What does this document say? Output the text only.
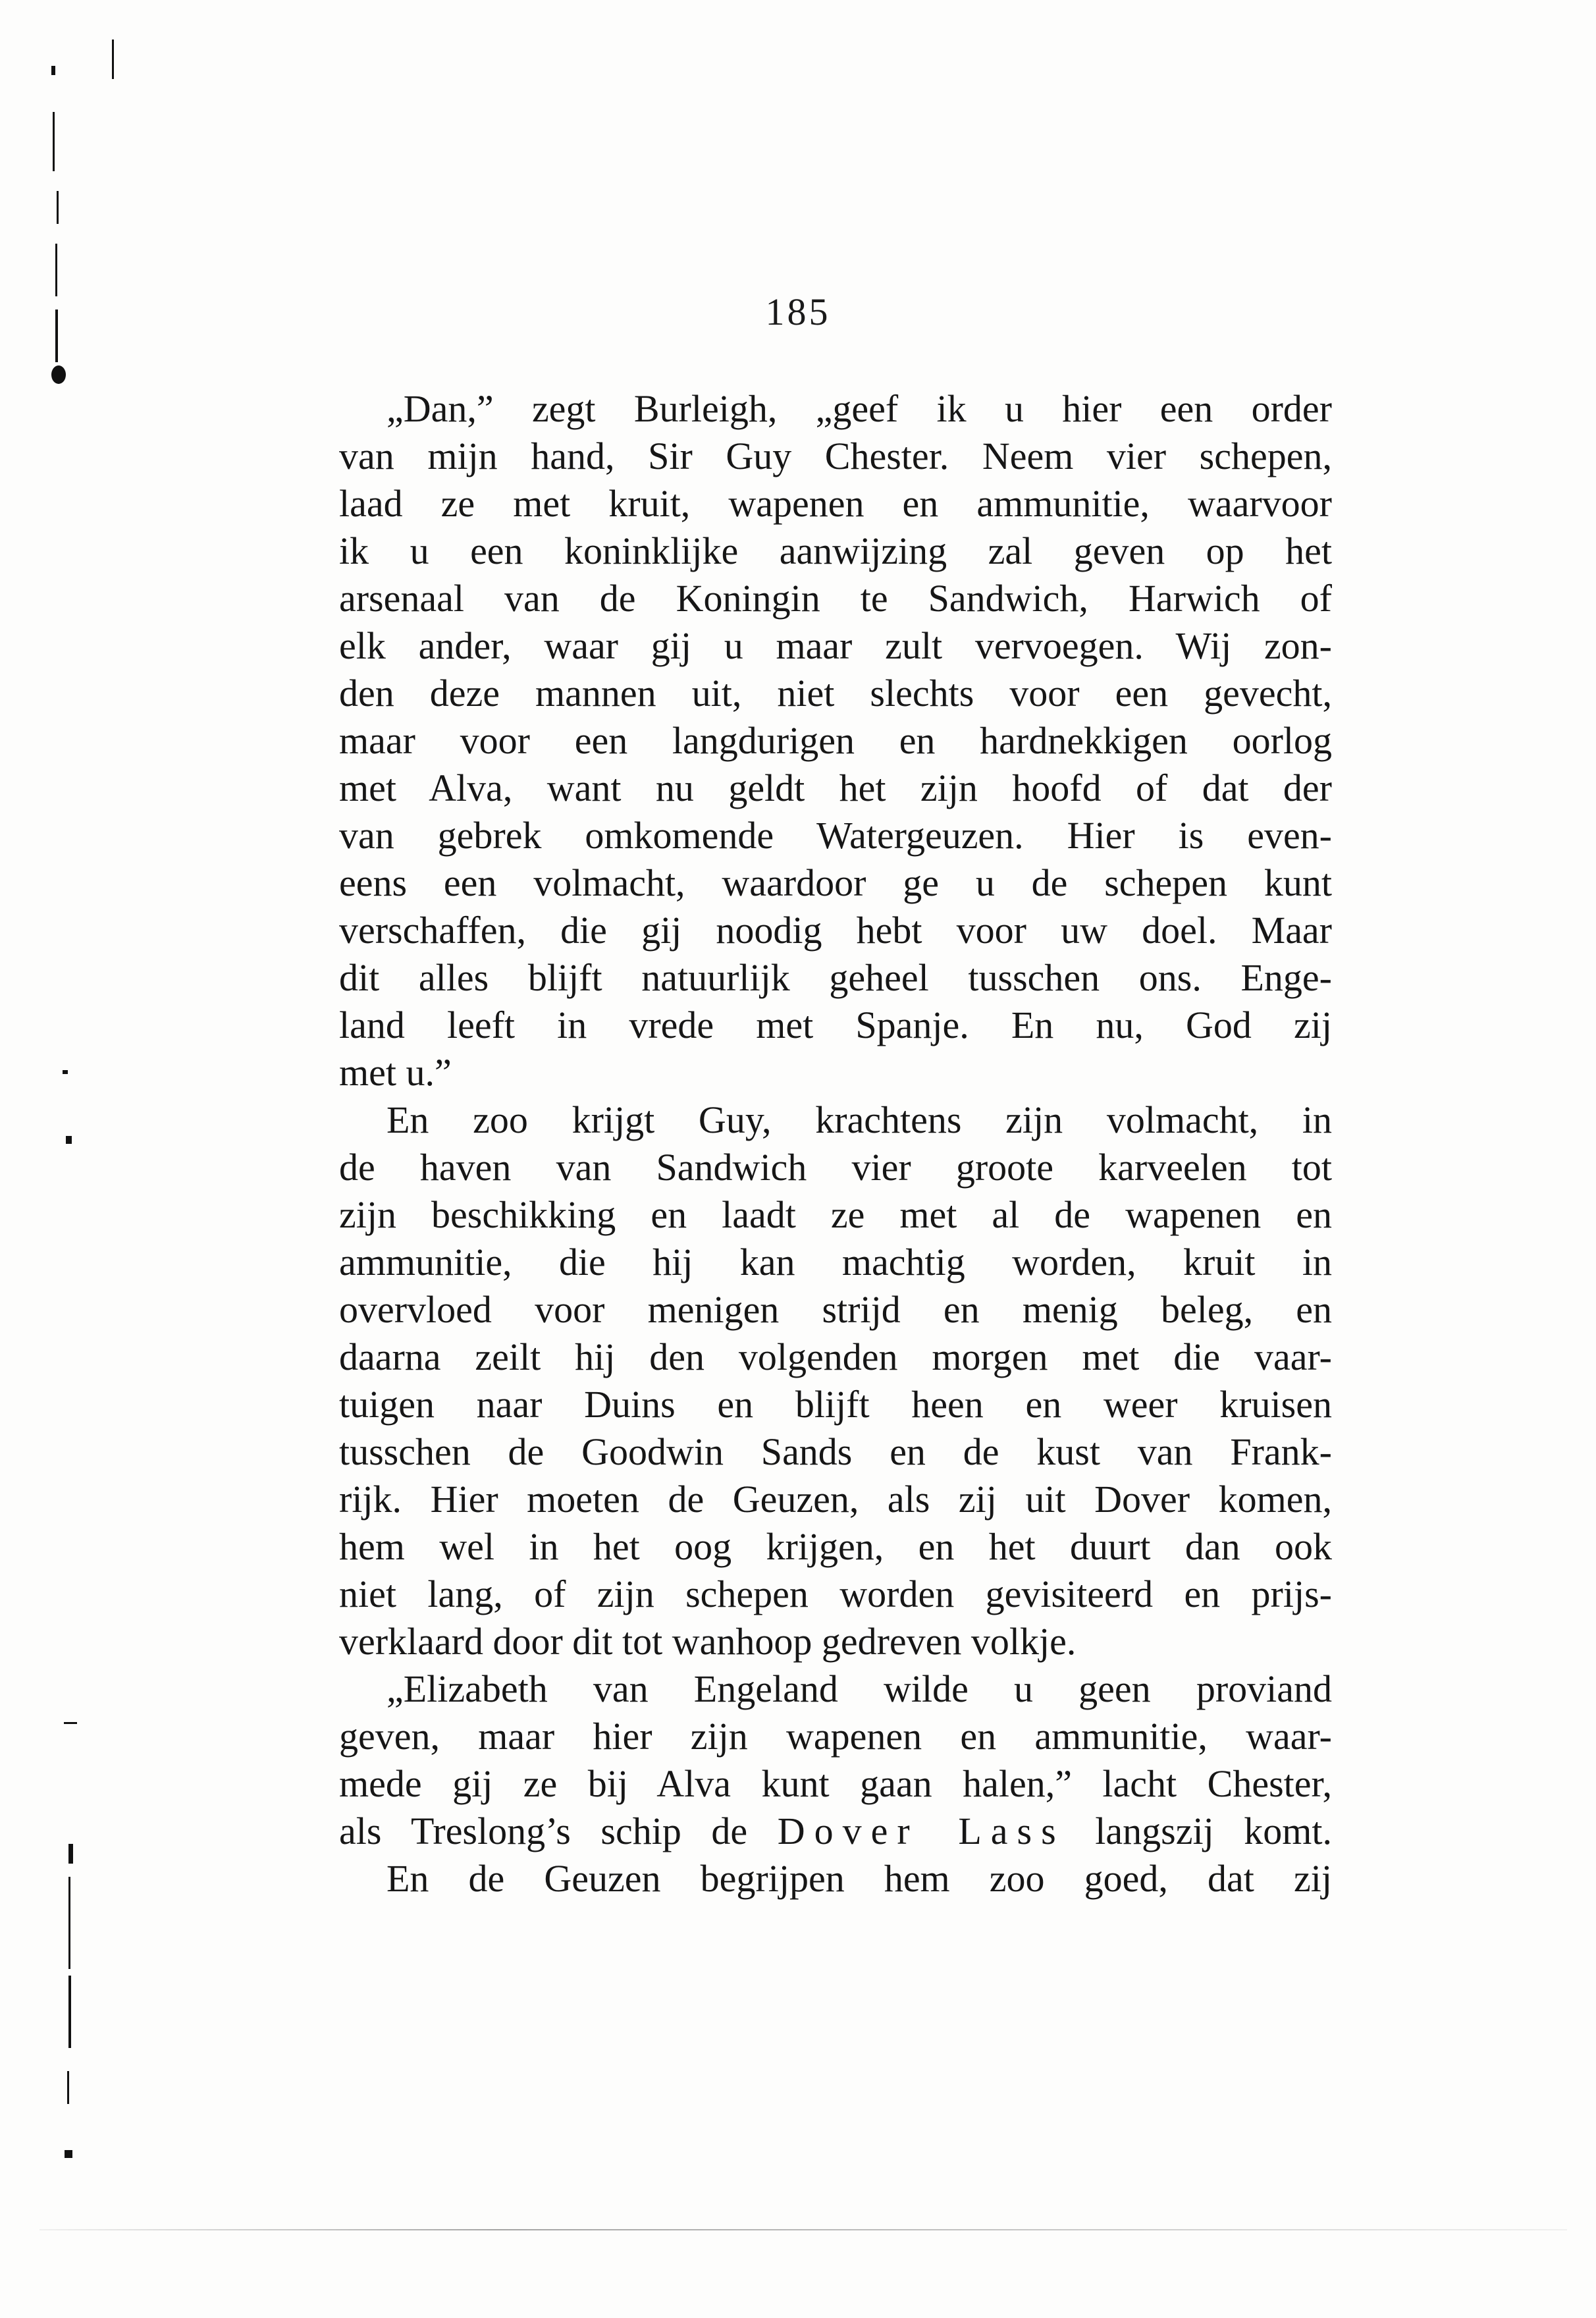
185
„Dan,” zegt Burleigh, „geef ik u hier een order
van mijn hand, Sir Guy Chester. Neem vier schepen,
laad ze met kruit, wapenen en ammunitie, waarvoor
ik u een koninklijke aanwijzing zal geven op het
arsenaal van de Koningin te Sandwich, Harwich of
elk ander, waar gij u maar zult vervoegen. Wij zon-
den deze mannen uit, niet slechts voor een gevecht,
maar voor een langdurigen en hardnekkigen oorlog
met Alva, want nu geldt het zijn hoofd of dat der
van gebrek omkomende Watergeuzen. Hier is even-
eens een volmacht, waardoor ge u de schepen kunt
verschaffen, die gij noodig hebt voor uw doel. Maar
dit alles blijft natuurlijk geheel tusschen ons. Enge-
land leeft in vrede met Spanje. En nu, God zij
met u.”
En zoo krijgt Guy, krachtens zijn volmacht, in
de haven van Sandwich vier groote karveelen tot
zijn beschikking en laadt ze met al de wapenen en
ammunitie, die hij kan machtig worden, kruit in
overvloed voor menigen strijd en menig beleg, en
daarna zeilt hij den volgenden morgen met die vaar-
tuigen naar Duins en blijft heen en weer kruisen
tusschen de Goodwin Sands en de kust van Frank-
rijk. Hier moeten de Geuzen, als zij uit Dover komen,
hem wel in het oog krijgen, en het duurt dan ook
niet lang, of zijn schepen worden gevisiteerd en prijs-
verklaard door dit tot wanhoop gedreven volkje.
„Elizabeth van Engeland wilde u geen proviand
geven, maar hier zijn wapenen en ammunitie, waar-
mede gij ze bij Alva kunt gaan halen,” lacht Chester,
als Treslong’s schip de Dover Lass langszij komt.
En de Geuzen begrijpen hem zoo goed, dat zij
